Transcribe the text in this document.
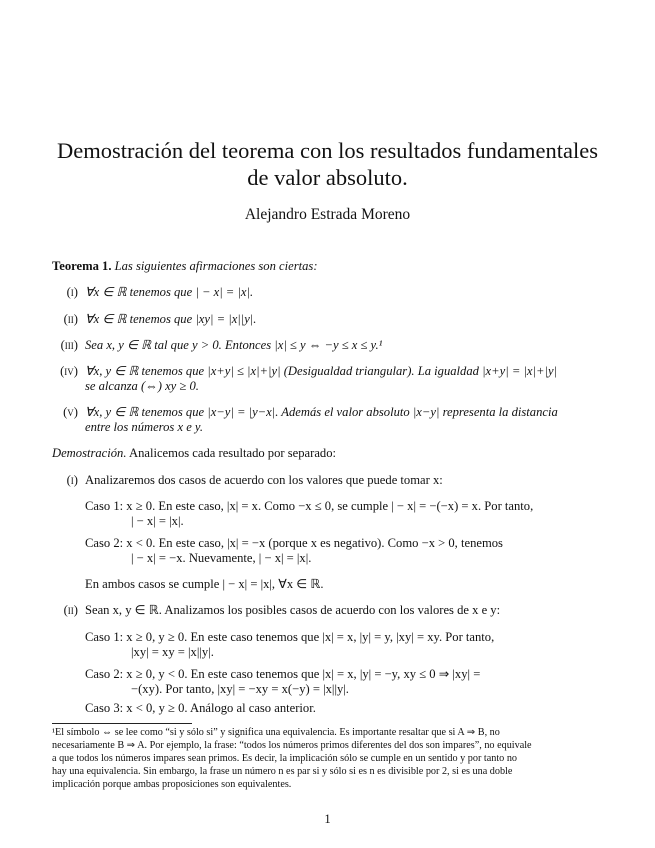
Demostración del teorema con los resultados fundamentales
de valor absoluto.
Alejandro Estrada Moreno
Teorema 1. Las siguientes afirmaciones son ciertas:
(i) ∀x ∈ ℝ tenemos que | − x| = |x|.
(ii) ∀x ∈ ℝ tenemos que |xy| = |x||y|.
(iii) Sea x, y ∈ ℝ tal que y > 0. Entonces |x| ≤ y ⇔ −y ≤ x ≤ y.¹
(iv) ∀x, y ∈ ℝ tenemos que |x+y| ≤ |x|+|y| (Desigualdad triangular). La igualdad |x+y| = |x|+|y|
se alcanza (⇔) xy ≥ 0.
(v) ∀x, y ∈ ℝ tenemos que |x−y| = |y−x|. Además el valor absoluto |x−y| representa la distancia
entre los números x e y.
Demostración. Analicemos cada resultado por separado:
(i) Analizaremos dos casos de acuerdo con los valores que puede tomar x:
Caso 1: x ≥ 0. En este caso, |x| = x. Como −x ≤ 0, se cumple | − x| = −(−x) = x. Por tanto,
| − x| = |x|.
Caso 2: x < 0. En este caso, |x| = −x (porque x es negativo). Como −x > 0, tenemos
| − x| = −x. Nuevamente, | − x| = |x|.
En ambos casos se cumple | − x| = |x|, ∀x ∈ ℝ.
(ii) Sean x, y ∈ ℝ. Analizamos los posibles casos de acuerdo con los valores de x e y:
Caso 1: x ≥ 0, y ≥ 0. En este caso tenemos que |x| = x, |y| = y, |xy| = xy. Por tanto,
|xy| = xy = |x||y|.
Caso 2: x ≥ 0, y < 0. En este caso tenemos que |x| = x, |y| = −y, xy ≤ 0 ⇒ |xy| =
−(xy). Por tanto, |xy| = −xy = x(−y) = |x||y|.
Caso 3: x < 0, y ≥ 0. Análogo al caso anterior.
¹El símbolo ⇔ se lee como “si y sólo si” y significa una equivalencia. Es importante resaltar que si A ⇒ B, no
necesariamente B ⇒ A. Por ejemplo, la frase: “todos los números primos diferentes del dos son impares”, no equivale
a que todos los números impares sean primos. Es decir, la implicación sólo se cumple en un sentido y por tanto no
hay una equivalencia. Sin embargo, la frase un número n es par si y sólo si es n es divisible por 2, si es una doble
implicación porque ambas proposiciones son equivalentes.
1
